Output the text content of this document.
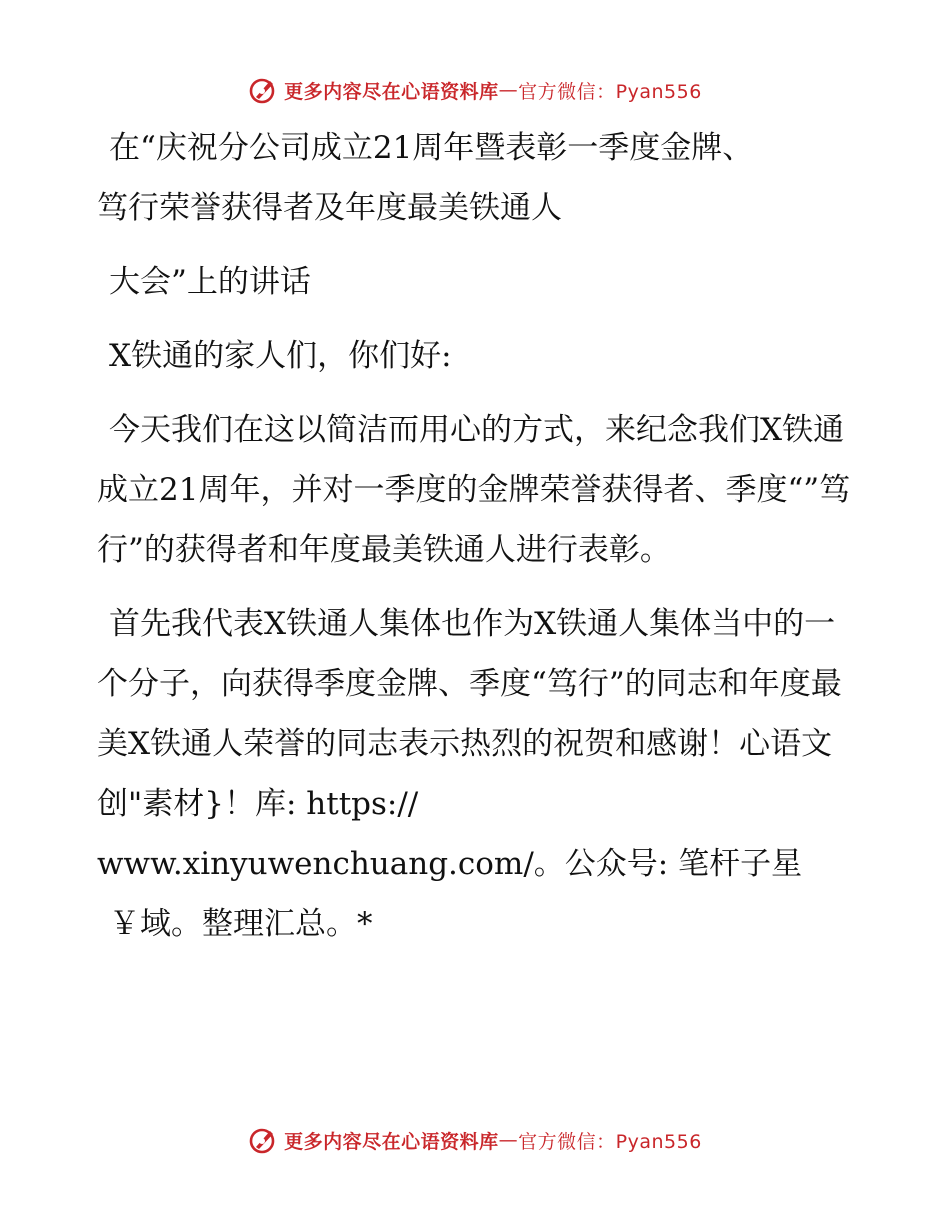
更多内容尽在心语资料库 — 官方微信：Pyan556
在“庆祝分公司成立21周年暨表彰一季度金牌、
笃行荣誉获得者及年度最美铁通人
大会”上的讲话
X铁通的家人们，你们好:
今天我们在这以简洁而用心的方式，来纪念我们X铁通成立21周年，并对一季度的金牌荣誉获得者、季度“”笃行”的获得者和年度最美铁通人进行表彰。
首先我代表X铁通人集体也作为X铁通人集体当中的一个分子，向获得季度金牌、季度“笃行”的同志和年度最美X铁通人荣誉的同志表示热烈的祝贺和感谢！心语文创"素材}！库: https://
www.xinyuwenchuang.com/。公众号: 笔杆子星
￥域。整理汇总。*
更多内容尽在心语资料库 — 官方微信：Pyan556
